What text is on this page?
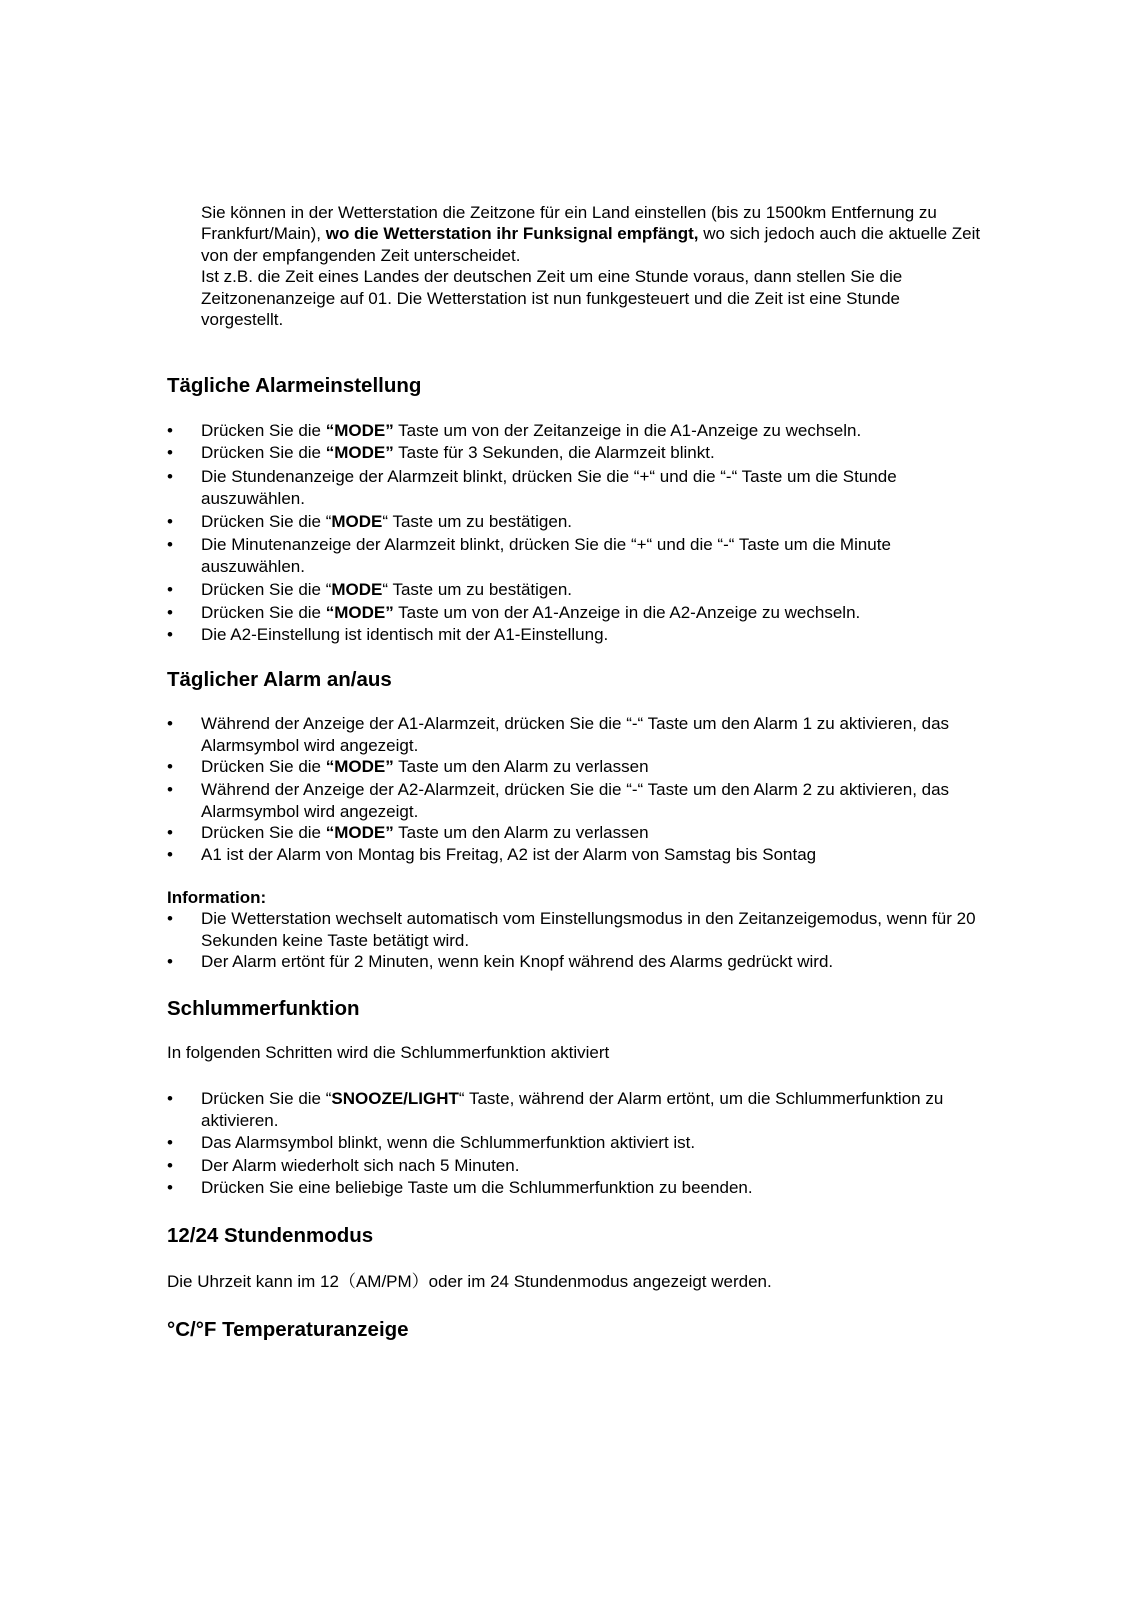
Sie können in der Wetterstation die Zeitzone für ein Land einstellen (bis zu 1500km Entfernung zu Frankfurt/Main), wo die Wetterstation ihr Funksignal empfängt, wo sich jedoch auch die aktuelle Zeit von der empfangenden Zeit unterscheidet.
Ist z.B. die Zeit eines Landes der deutschen Zeit um eine Stunde voraus, dann stellen Sie die Zeitzonenanzeige auf 01. Die Wetterstation ist nun funkgesteuert und die Zeit ist eine Stunde vorgestellt.
Tägliche Alarmeinstellung
• Drücken Sie die “MODE” Taste um von der Zeitanzeige in die A1-Anzeige zu wechseln.
• Drücken Sie die “MODE” Taste für 3 Sekunden, die Alarmzeit blinkt.
• Die Stundenanzeige der Alarmzeit blinkt, drücken Sie die “+“ und die “-“ Taste um die Stunde auszuwählen.
• Drücken Sie die “MODE“ Taste um zu bestätigen.
• Die Minutenanzeige der Alarmzeit blinkt, drücken Sie die “+“ und die “-“ Taste um die Minute auszuwählen.
• Drücken Sie die “MODE“ Taste um zu bestätigen.
• Drücken Sie die “MODE” Taste um von der A1-Anzeige in die A2-Anzeige zu wechseln.
• Die A2-Einstellung ist identisch mit der A1-Einstellung.
Täglicher Alarm an/aus
• Während der Anzeige der A1-Alarmzeit, drücken Sie die “-“ Taste um den Alarm 1 zu aktivieren, das Alarmsymbol wird angezeigt.
• Drücken Sie die “MODE” Taste um den Alarm zu verlassen
• Während der Anzeige der A2-Alarmzeit, drücken Sie die “-“ Taste um den Alarm 2 zu aktivieren, das Alarmsymbol wird angezeigt.
• Drücken Sie die “MODE” Taste um den Alarm zu verlassen
• A1 ist der Alarm von Montag bis Freitag, A2 ist der Alarm von Samstag bis Sontag
Information:
• Die Wetterstation wechselt automatisch vom Einstellungsmodus in den Zeitanzeigemodus, wenn für 20 Sekunden keine Taste betätigt wird.
• Der Alarm ertönt für 2 Minuten, wenn kein Knopf während des Alarms gedrückt wird.
Schlummerfunktion
In folgenden Schritten wird die Schlummerfunktion aktiviert
• Drücken Sie die “SNOOZE/LIGHT“ Taste, während der Alarm ertönt, um die Schlummerfunktion zu aktivieren.
• Das Alarmsymbol blinkt, wenn die Schlummerfunktion aktiviert ist.
• Der Alarm wiederholt sich nach 5 Minuten.
• Drücken Sie eine beliebige Taste um die Schlummerfunktion zu beenden.
12/24 Stundenmodus
Die Uhrzeit kann im 12（AM/PM）oder im 24 Stundenmodus angezeigt werden.
°C/°F Temperaturanzeige
